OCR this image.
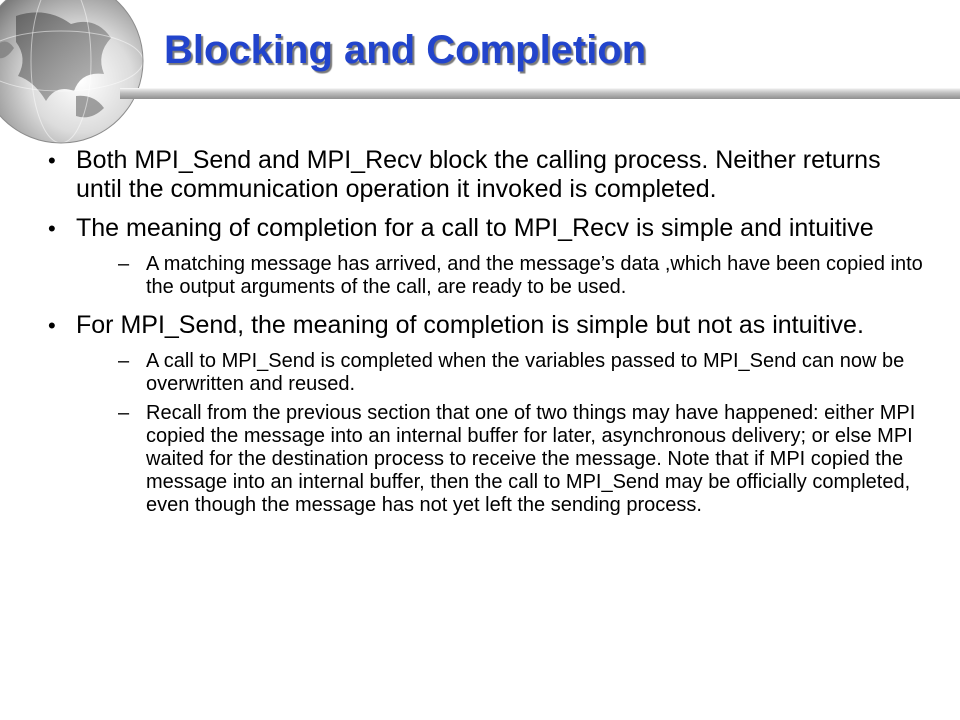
Blocking and Completion
• Both MPI_Send and MPI_Recv block the calling process. Neither returns until the communication operation it invoked is completed.
• The meaning of completion for a call to MPI_Recv is simple and intuitive
– A matching message has arrived, and the message’s data ,which have been copied into the output arguments of the call, are ready to be used.
• For MPI_Send, the meaning of completion is simple but not as intuitive.
– A call to MPI_Send is completed when the variables passed to MPI_Send can now be overwritten and reused.
– Recall from the previous section that one of two things may have happened: either MPI copied the message into an internal buffer for later, asynchronous delivery; or else MPI waited for the destination process to receive the message. Note that if MPI copied the message into an internal buffer, then the call to MPI_Send may be officially completed, even though the message has not yet left the sending process.
